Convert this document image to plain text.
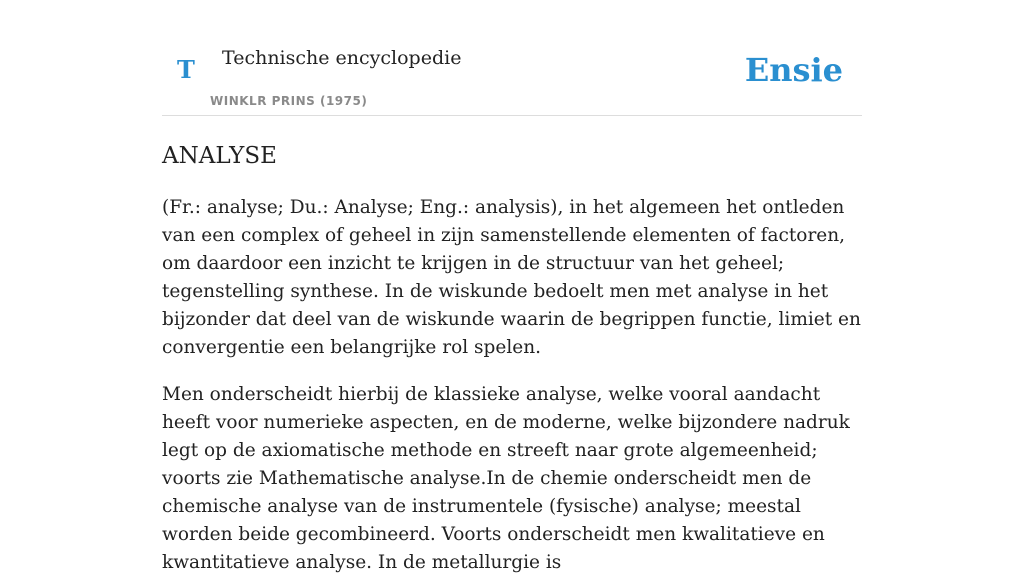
T Technische encyclopedie
WINKLR PRINS (1975)
Ensie
ANALYSE

(Fr.: analyse; Du.: Analyse; Eng.: analysis), in het algemeen het ontleden van een complex of geheel in zijn samenstellende elementen of factoren, om daardoor een inzicht te krijgen in de structuur van het geheel; tegenstelling synthese. In de wiskunde bedoelt men met analyse in het bijzonder dat deel van de wiskunde waarin de begrippen functie, limiet en convergentie een belangrijke rol spelen.

Men onderscheidt hierbij de klassieke analyse, welke vooral aandacht heeft voor numerieke aspecten, en de moderne, welke bijzondere nadruk legt op de axiomatische methode en streeft naar grote algemeenheid; voorts zie Mathematische analyse.In de chemie onderscheidt men de chemische analyse van de instrumentele (fysische) analyse; meestal worden beide gecombineerd. Voorts onderscheidt men kwalitatieve en kwantitatieve analyse. In de metallurgie is
